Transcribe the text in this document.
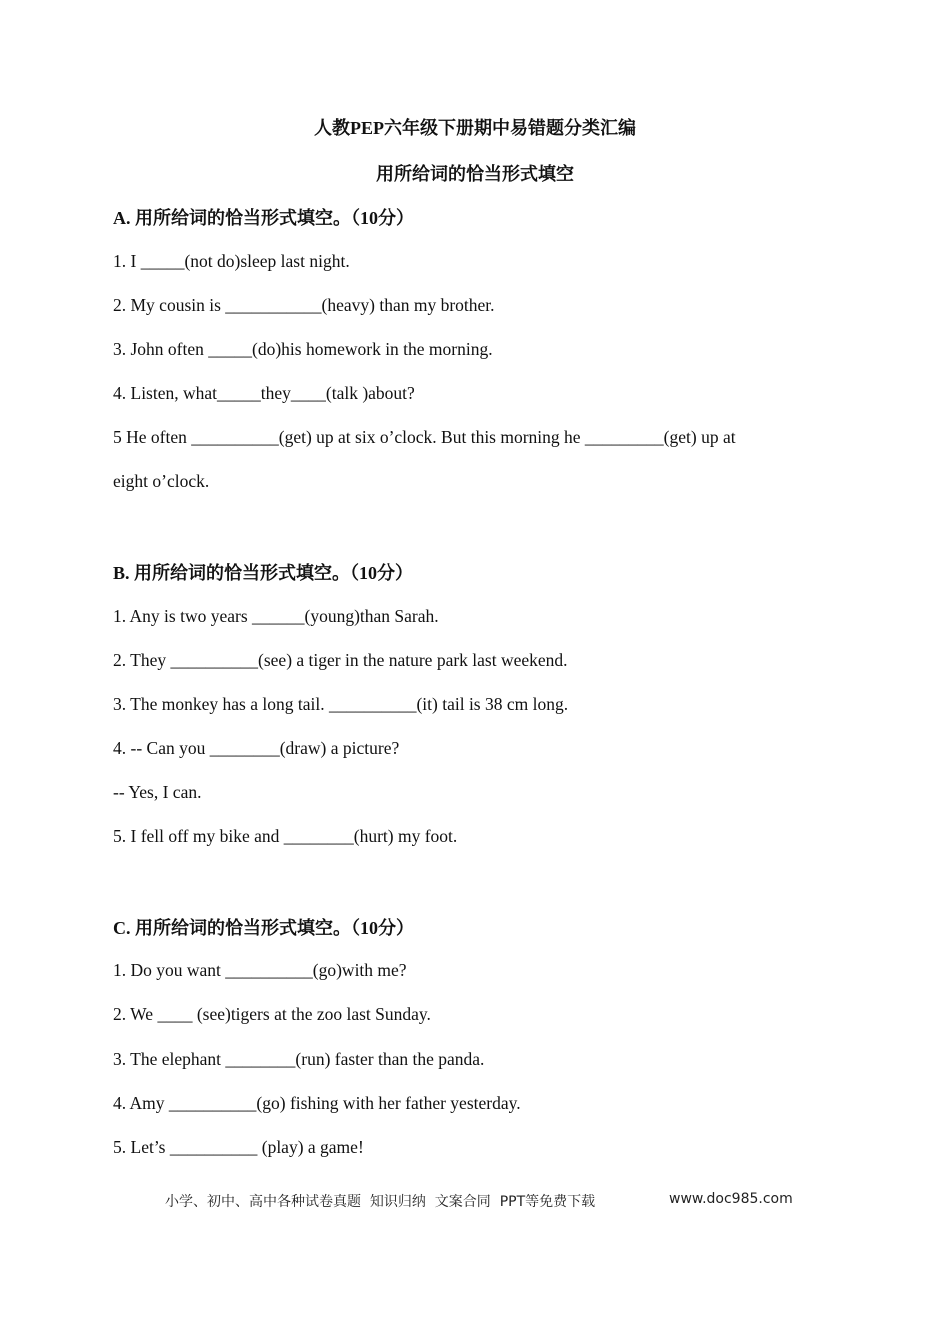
人教PEP六年级下册期中易错题分类汇编
用所给词的恰当形式填空
A. 用所给词的恰当形式填空。（10分）
1. I _____(not do)sleep last night.
2. My cousin is ___________(heavy) than my brother.
3. John often _____(do)his homework in the morning.
4. Listen, what_____they____(talk )about?
5 He often __________(get) up at six o’clock. But this morning he _________(get) up at
eight o’clock.
B. 用所给词的恰当形式填空。（10分）
1. Any is two years ______(young)than Sarah.
2. They __________(see) a tiger in the nature park last weekend.
3. The monkey has a long tail. __________(it) tail is 38 cm long.
4. -- Can you ________(draw) a picture?
-- Yes, I can.
5. I fell off my bike and ________(hurt) my foot.
C. 用所给词的恰当形式填空。（10分）
1. Do you want __________(go)with me?
2. We ____ (see)tigers at the zoo last Sunday.
3. The elephant ________(run) faster than the panda.
4. Amy __________(go) fishing with her father yesterday.
5. Let’s __________ (play) a game!
小学、初中、高中各种试卷真题  知识归纳  文案合同  PPT等免费下载	www.doc985.com
